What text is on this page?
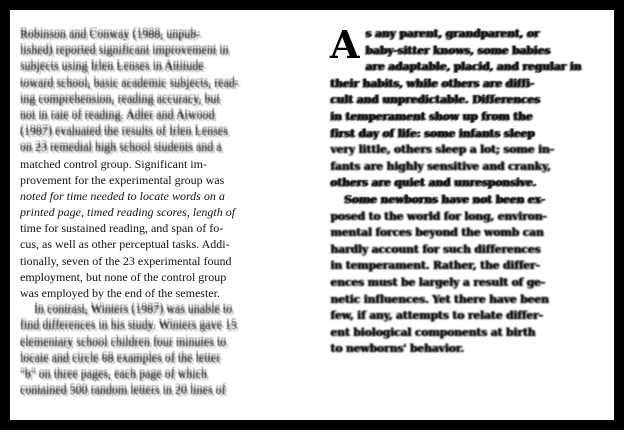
Robinson and Conway (1988, unpub-
lished) reported significant improvement in
subjects using Irlen Lenses in Attitude
toward school, basic academic subjects, read-
ing comprehension, reading accuracy, but
not in rate of reading. Adler and Atwood
(1987) evaluated the results of Irlen Lenses
on 23 remedial high school students and a
matched control group. Significant im-
provement for the experimental group was
noted for time needed to locate words on a
printed page, timed reading scores, length of
time for sustained reading, and span of fo-
cus, as well as other perceptual tasks. Addi-
tionally, seven of the 23 experimental found
employment, but none of the control group
was employed by the end of the semester.
In contrast, Winters (1987) was unable to
find differences in his study. Winters gave 15
elementary school children four minutes to
locate and circle 68 examples of the letter
"b" on three pages, each page of which
contained 500 random letters in 20 lines of
A s any parent, grandparent, or
baby-sitter knows, some babies
are adaptable, placid, and regular in
their habits, while others are diffi-
cult and unpredictable. Differences
in temperament show up from the
first day of life: some infants sleep
very little, others sleep a lot; some in-
fants are highly sensitive and cranky,
others are quiet and unresponsive.
Some newborns have not been ex-
posed to the world for long, environ-
mental forces beyond the womb can
hardly account for such differences
in temperament. Rather, the differ-
ences must be largely a result of ge-
netic influences. Yet there have been
few, if any, attempts to relate differ-
ent biological components at birth
to newborns' behavior.
